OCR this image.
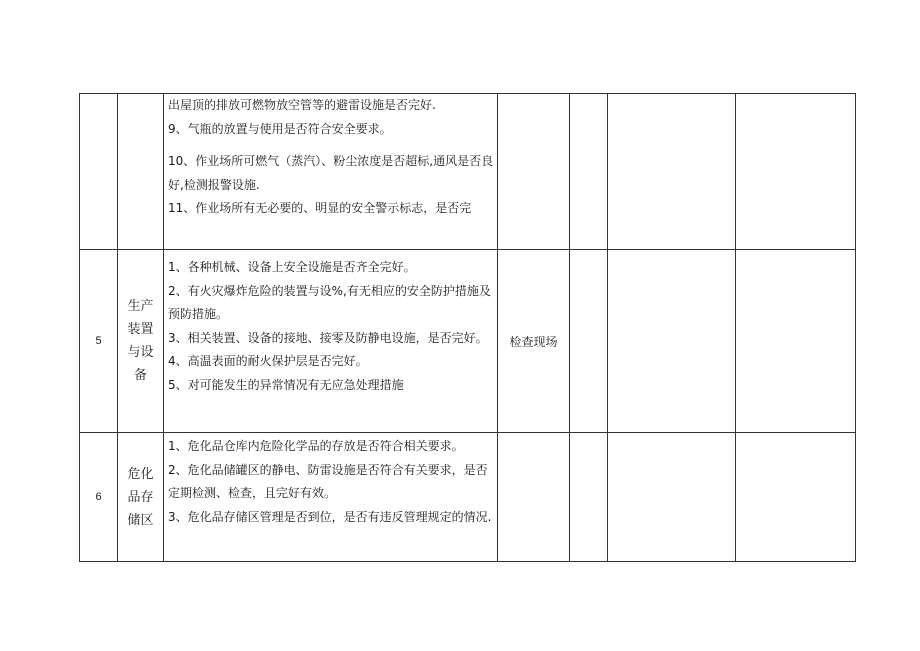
		出屋顶的排放可燃物放空管等的避雷设施是否完好.

9、气瓶的放置与使用是否符合安全要求。

10、作业场所可燃气（蒸汽）、粉尘浓度是否超标,通风是否良好,检测报警设施.

11、作业场所有无必要的、明显的安全警示标志，是否完				

5	生产装置与设备	1、各种机械、设备上安全设施是否齐全完好。

2、有火灾爆炸危险的装置与设%,有无相应的安全防护措施及预防措施。

3、相关装置、设备的接地、接零及防静电设施，是否完好。

4、高温表面的耐火保护层是否完好。

5、对可能发生的异常情况有无应急处理措施	检查现场			
6	危化品存储区	1、危化品仓库内危险化学品的存放是否符合相关要求。

2、危化品储罐区的静电、防雷设施是否符合有关要求，是否定期检测、检查，且完好有效。

3、危化品存储区管理是否到位，是否有违反管理规定的情况.				
